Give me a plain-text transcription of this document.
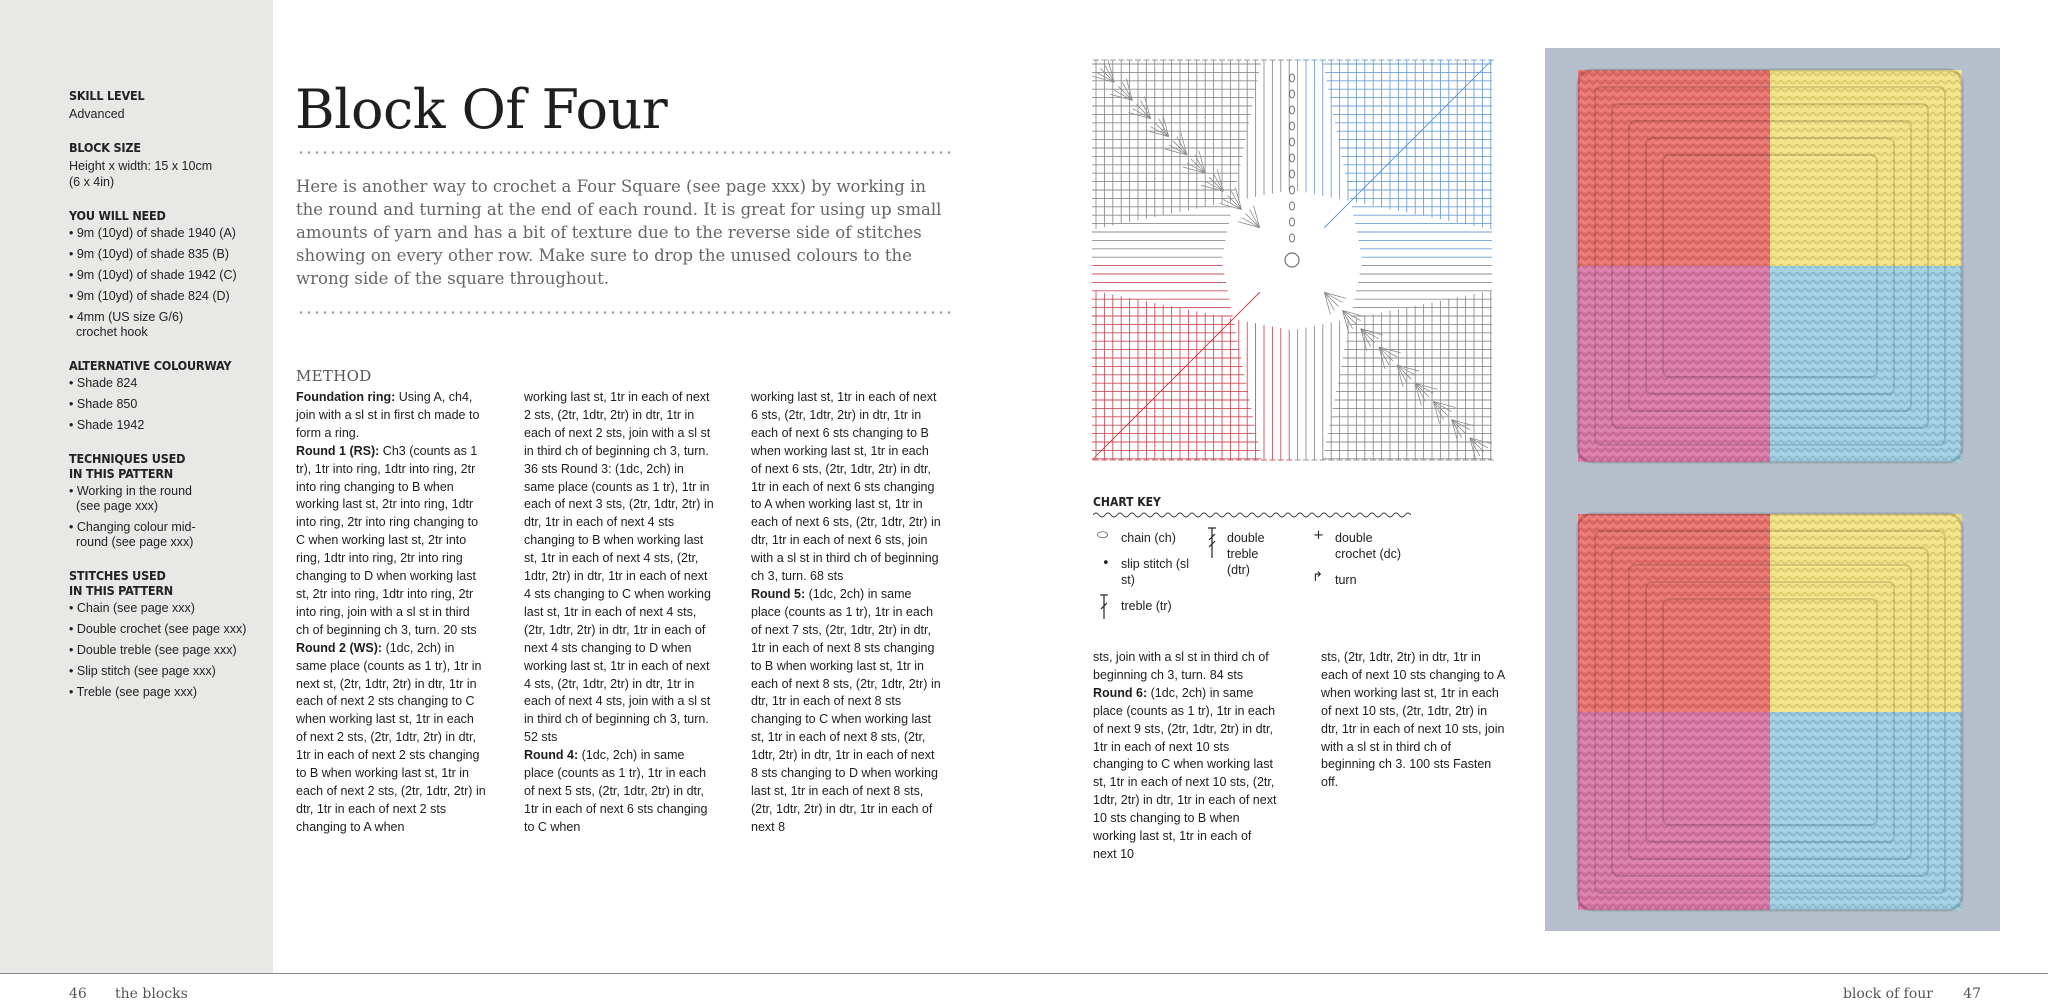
SKILL LEVEL
Advanced
BLOCK SIZE
Height x width: 15 x 10cm
(6 x 4in)
YOU WILL NEED
• 9m (10yd) of shade 1940 (A)
• 9m (10yd) of shade 835 (B)
• 9m (10yd) of shade 1942 (C)
• 9m (10yd) of shade 824 (D)
• 4mm (US size G/6) crochet hook
ALTERNATIVE COLOURWAY
• Shade 824
• Shade 850
• Shade 1942
TECHNIQUES USED
IN THIS PATTERN
• Working in the round (see page xxx)
• Changing colour mid-round (see page xxx)
STITCHES USED
IN THIS PATTERN
• Chain (see page xxx)
• Double crochet (see page xxx)
• Double treble (see page xxx)
• Slip stitch (see page xxx)
• Treble (see page xxx)
Block Of Four

Here is another way to crochet a Four Square (see page xxx) by working in the round and turning at the end of each round. It is great for using up small amounts of yarn and has a bit of texture due to the reverse side of stitches showing on every other row. Make sure to drop the unused colours to the wrong side of the square throughout.

METHOD
Foundation ring: Using A, ch4, join with a sl st in first ch made to form a ring.
Round 1 (RS): Ch3 (counts as 1 tr), 1tr into ring, 1dtr into ring, 2tr into ring changing to B when working last st, 2tr into ring, 1dtr into ring, 2tr into ring changing to C when working last st, 2tr into ring, 1dtr into ring, 2tr into ring changing to D when working last st, 2tr into ring, 1dtr into ring, 2tr into ring, join with a sl st in third ch of beginning ch 3, turn. 20 sts
Round 2 (WS): (1dc, 2ch) in same place (counts as 1 tr), 1tr in next st, (2tr, 1dtr, 2tr) in dtr, 1tr in each of next 2 sts changing to C when working last st, 1tr in each of next 2 sts, (2tr, 1dtr, 2tr) in dtr, 1tr in each of next 2 sts changing to B when working last st, 1tr in each of next 2 sts, (2tr, 1dtr, 2tr) in dtr, 1tr in each of next 2 sts changing to A when
working last st, 1tr in each of next 2 sts, (2tr, 1dtr, 2tr) in dtr, 1tr in each of next 2 sts, join with a sl st in third ch of beginning ch 3, turn. 36 sts Round 3: (1dc, 2ch) in same place (counts as 1 tr), 1tr in each of next 3 sts, (2tr, 1dtr, 2tr) in dtr, 1tr in each of next 4 sts changing to B when working last st, 1tr in each of next 4 sts, (2tr, 1dtr, 2tr) in dtr, 1tr in each of next 4 sts changing to C when working last st, 1tr in each of next 4 sts, (2tr, 1dtr, 2tr) in dtr, 1tr in each of next 4 sts changing to D when working last st, 1tr in each of next 4 sts, (2tr, 1dtr, 2tr) in dtr, 1tr in each of next 4 sts, join with a sl st in third ch of beginning ch 3, turn. 52 sts
Round 4: (1dc, 2ch) in same place (counts as 1 tr), 1tr in each of next 5 sts, (2tr, 1dtr, 2tr) in dtr, 1tr in each of next 6 sts changing to C when
working last st, 1tr in each of next 6 sts, (2tr, 1dtr, 2tr) in dtr, 1tr in each of next 6 sts changing to B when working last st, 1tr in each of next 6 sts, (2tr, 1dtr, 2tr) in dtr, 1tr in each of next 6 sts changing to A when working last st, 1tr in each of next 6 sts, (2tr, 1dtr, 2tr) in dtr, 1tr in each of next 6 sts, join with a sl st in third ch of beginning ch 3, turn. 68 sts
Round 5: (1dc, 2ch) in same place (counts as 1 tr), 1tr in each of next 7 sts, (2tr, 1dtr, 2tr) in dtr, 1tr in each of next 8 sts changing to B when working last st, 1tr in each of next 8 sts, (2tr, 1dtr, 2tr) in dtr, 1tr in each of next 8 sts changing to C when working last st, 1tr in each of next 8 sts, (2tr, 1dtr, 2tr) in dtr, 1tr in each of next 8 sts changing to D when working last st, 1tr in each of next 8 sts, (2tr, 1dtr, 2tr) in dtr, 1tr in each of next 8
sts, join with a sl st in third ch of beginning ch 3, turn. 84 sts
Round 6: (1dc, 2ch) in same place (counts as 1 tr), 1tr in each of next 9 sts, (2tr, 1dtr, 2tr) in dtr, 1tr in each of next 10 sts changing to C when working last st, 1tr in each of next 10 sts, (2tr, 1dtr, 2tr) in dtr, 1tr in each of next 10 sts changing to B when working last st, 1tr in each of next 10
sts, (2tr, 1dtr, 2tr) in dtr, 1tr in each of next 10 sts changing to A when working last st, 1tr in each of next 10 sts, (2tr, 1dtr, 2tr) in dtr, 1tr in each of next 10 sts, join with a sl st in third ch of beginning ch 3. 100 sts Fasten off.
CHART KEY
⬭ chain (ch)
• slip stitch (sl st)
treble (tr)
double treble (dtr)
+ double crochet (dc)
↱ turn
46 the blocks	block of four 47
